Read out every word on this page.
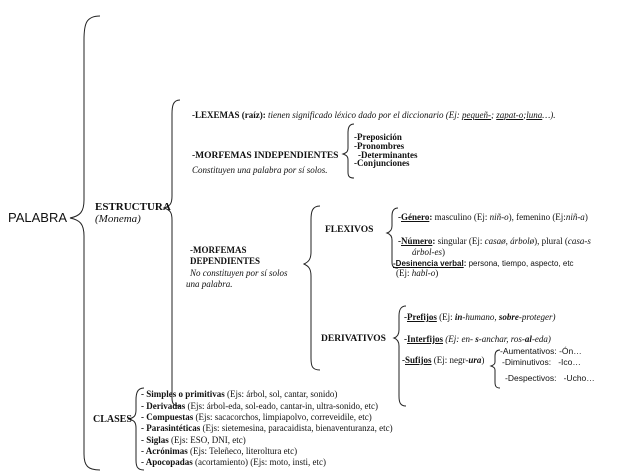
PALABRA
ESTRUCTURA
(Monema)
-LEXEMAS (raíz): tienen significado léxico dado por el diccionario (Ej: pequeñ-; zapat-o;luna…).
-MORFEMAS INDEPENDIENTES
Constituyen una palabra por sí solos.
-Preposición
-Pronombres
-Determinantes
-Conjunciones
-MORFEMAS
DEPENDIENTES
No constituyen por sí solos
una palabra.
FLEXIVOS
-Género: masculino (Ej: niñ-o), femenino (Ej:niñ-a)
-Número: singular (Ej: casaø, árbolø), plural (casa-s
árbol-es)
-Desinencia verbal: persona, tiempo, aspecto, etc
(Ej: habl-o)
DERIVATIVOS
-Prefijos (Ej: in-humano, sobre-proteger)
-Interfijos (Ej: en- s-anchar, ros-al-eda)
-Sufijos (Ej: negr-ura)
-Aumentativos: -Ón…
-Diminutivos: -Ico…
-Despectivos: -Ucho…
CLASES
- Simples o primitivas (Ejs: árbol, sol, cantar, sonido)
- Derivadas (Ejs: árbol-eda, sol-eado, cantar-in, ultra-sonido, etc)
- Compuestas (Ejs: sacacorchos, limpiapolvo, correveidile, etc)
- Parasintéticas (Ejs: sietemesina, paracaidista, bienaventuranza, etc)
- Siglas (Ejs: ESO, DNI, etc)
- Acrónimas (Ejs: Teleñeco, literoltura etc)
- Apocopadas (acortamiento) (Ejs: moto, insti, etc)
